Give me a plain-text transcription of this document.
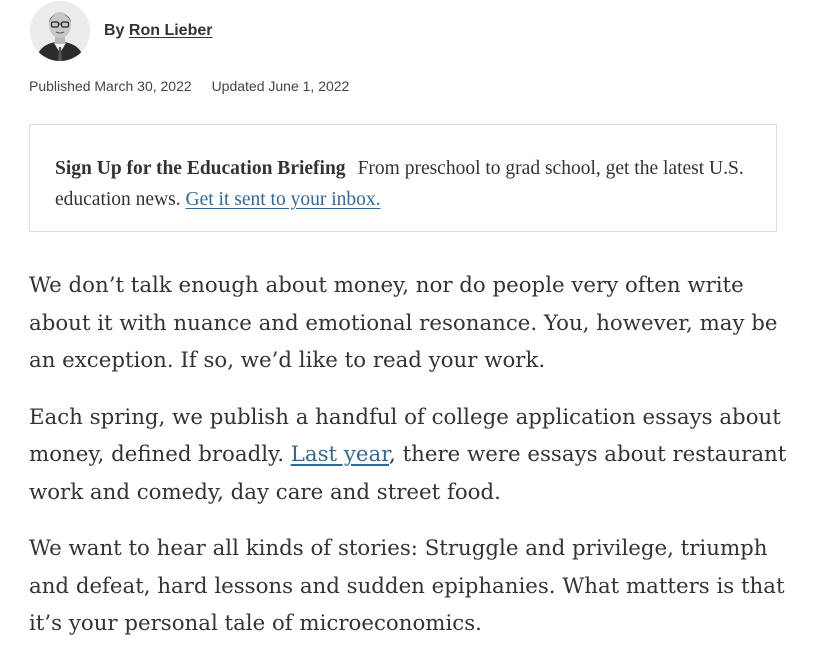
By Ron Lieber
Published March 30, 2022 Updated June 1, 2022
Sign Up for the Education Briefing From preschool to grad school, get the latest U.S. education news. Get it sent to your inbox.

We don’t talk enough about money, nor do people very often write about it with nuance and emotional resonance. You, however, may be an exception. If so, we’d like to read your work.

Each spring, we publish a handful of college application essays about money, defined broadly. Last year, there were essays about restaurant work and comedy, day care and street food.

We want to hear all kinds of stories: Struggle and privilege, triumph and defeat, hard lessons and sudden epiphanies. What matters is that it’s your personal tale of microeconomics.
